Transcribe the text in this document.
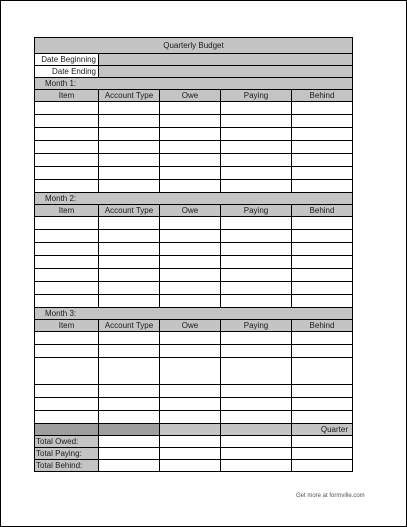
Quarterly Budget				
Date Beginning				
Date Ending				
Month 1:				
Item	Account Type	Owe	Paying	Behind

Month 2:				
Item	Account Type	Owe	Paying	Behind

Month 3:				
Item	Account Type	Owe	Paying	Behind

				Quarter
Total Owed:				
Total Paying:				
Total Behind:				
Get more at formville.com
